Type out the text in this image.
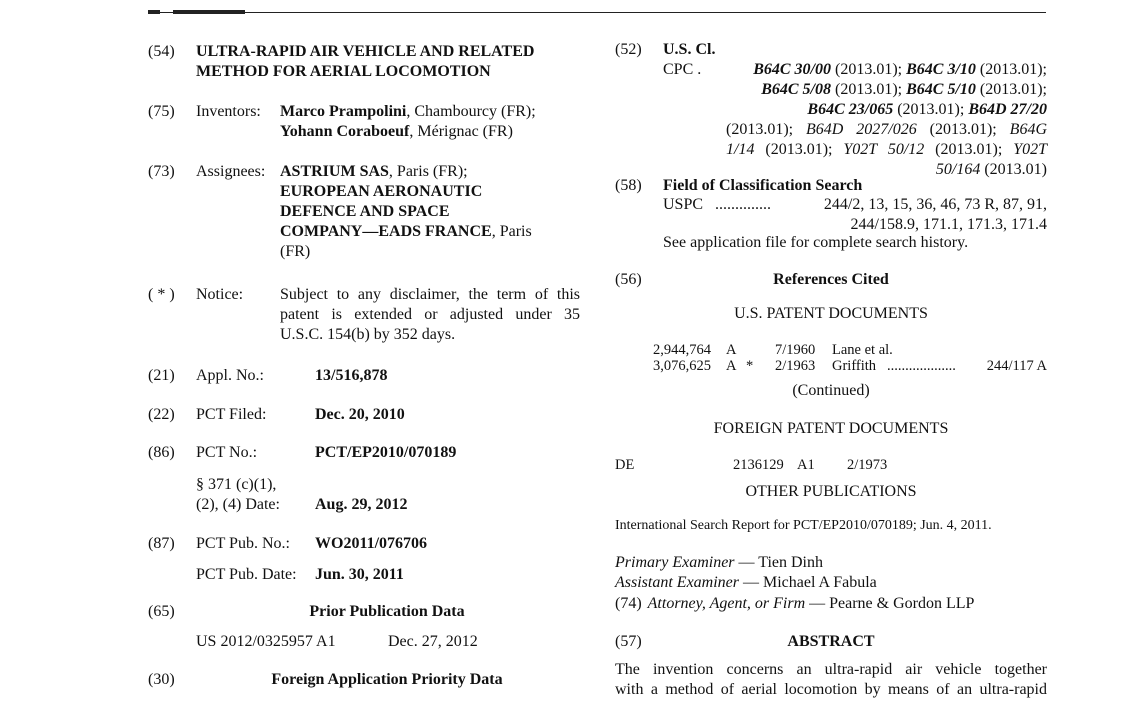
(54) ULTRA-RAPID AIR VEHICLE AND RELATED
METHOD FOR AERIAL LOCOMOTION
(75) Inventors: Marco Prampolini, Chambourcy (FR);
Yohann Coraboeuf, Mérignac (FR)
(73) Assignees: ASTRIUM SAS, Paris (FR);
EUROPEAN AERONAUTIC
DEFENCE AND SPACE
COMPANY—EADS FRANCE, Paris
(FR)
( * ) Notice: Subject to any disclaimer, the term of this
patent is extended or adjusted under 35
U.S.C. 154(b) by 352 days.
(21) Appl. No.:	13/516,878
(22) PCT Filed:	Dec. 20, 2010
(86) PCT No.:	PCT/EP2010/070189
§ 371 (c)(1),
(2), (4) Date: Aug. 29, 2012
(87) PCT Pub. No.: WO2011/076706
PCT Pub. Date: Jun. 30, 2011
(65)	Prior Publication Data
US 2012/0325957 A1	Dec. 27, 2012
(30)	Foreign Application Priority Data
(52) U.S. Cl.
CPC .	B64C 30/00 (2013.01); B64C 3/10 (2013.01);
B64C 5/08 (2013.01); B64C 5/10 (2013.01);
B64C 23/065 (2013.01); B64D 27/20
(2013.01); B64D 2027/026 (2013.01); B64G
1/14 (2013.01); Y02T 50/12 (2013.01); Y02T
50/164 (2013.01)
(58) Field of Classification Search
USPC ..............	244/2, 13, 15, 36, 46, 73 R, 87, 91,
244/158.9, 171.1, 171.3, 171.4
See application file for complete search history.
(56)	References Cited
U.S. PATENT DOCUMENTS
2,944,764 A	7/1960 Lane et al.
3,076,625 A * 2/1963 Griffith ................... 244/117 A
(Continued)
FOREIGN PATENT DOCUMENTS
DE	2136129 A1 2/1973
OTHER PUBLICATIONS
International Search Report for PCT/EP2010/070189; Jun. 4, 2011.
Primary Examiner — Tien Dinh
Assistant Examiner — Michael A Fabula
(74) Attorney, Agent, or Firm — Pearne & Gordon LLP
(57)	ABSTRACT
The invention concerns an ultra-rapid air vehicle together
with a method of aerial locomotion by means of an ultra-rapid
